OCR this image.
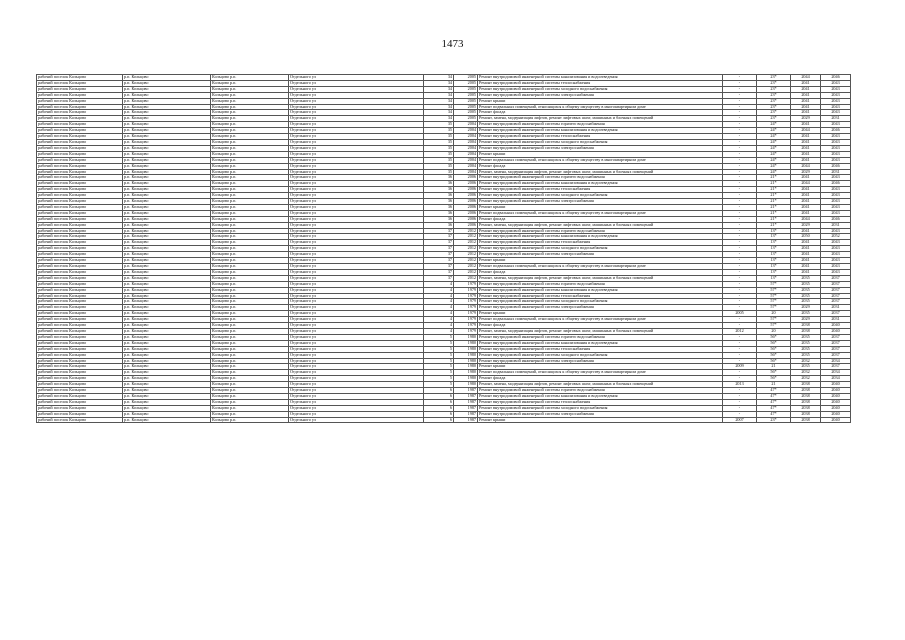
1473
рабочий поселок Кольцово	р.п. Кольцово	Кольцово р.п.	Отдельного ул	34	2005	Ремонт внутридомовой инженерной системы канализования и водоотведения	-	23*	2044	2046
рабочий поселок Кольцово	р.п. Кольцово	Кольцово р.п.	Отдельного ул	34	2005	Ремонт внутридомовой инженерной системы теплоснабжения	-	23*	2041	2043
рабочий поселок Кольцово	р.п. Кольцово	Кольцово р.п.	Отдельного ул	34	2005	Ремонт внутридомовой инженерной системы холодного водоснабжения	-	23*	2041	2043
рабочий поселок Кольцово	р.п. Кольцово	Кольцово р.п.	Отдельного ул	34	2005	Ремонт внутридомовой инженерной системы электроснабжения	-	23*	2041	2043
рабочий поселок Кольцово	р.п. Кольцово	Кольцово р.п.	Отдельного ул	34	2005	Ремонт крыши	-	23*	2041	2043
рабочий поселок Кольцово	р.п. Кольцово	Кольцово р.п.	Отдельного ул	34	2005	Ремонт подвальных помещений, относящихся к общему имуществу в многоквартирном доме	-	23*	2041	2043
рабочий поселок Кольцово	р.п. Кольцово	Кольцово р.п.	Отдельного ул	34	2005	Ремонт фасада	-	23*	2041	2043
рабочий поселок Кольцово	р.п. Кольцово	Кольцово р.п.	Отдельного ул	34	2005	Ремонт, замена, модернизация лифтов, ремонт лифтовых шахт, машинных и блочных помещений	-	23*	2029	2031
рабочий поселок Кольцово	р.п. Кольцово	Кольцово р.п.	Отдельного ул	35	2004	Ремонт внутридомовой инженерной системы горячего водоснабжения	-	24*	2041	2043
рабочий поселок Кольцово	р.п. Кольцово	Кольцово р.п.	Отдельного ул	35	2004	Ремонт внутридомовой инженерной системы канализования и водоотведения	-	24*	2044	2046
рабочий поселок Кольцово	р.п. Кольцово	Кольцово р.п.	Отдельного ул	35	2004	Ремонт внутридомовой инженерной системы теплоснабжения	-	24*	2041	2043
рабочий поселок Кольцово	р.п. Кольцово	Кольцово р.п.	Отдельного ул	35	2004	Ремонт внутридомовой инженерной системы холодного водоснабжения	-	24*	2041	2043
рабочий поселок Кольцово	р.п. Кольцово	Кольцово р.п.	Отдельного ул	35	2004	Ремонт внутридомовой инженерной системы электроснабжения	-	24*	2041	2043
рабочий поселок Кольцово	р.п. Кольцово	Кольцово р.п.	Отдельного ул	35	2004	Ремонт крыши	-	24*	2041	2043
рабочий поселок Кольцово	р.п. Кольцово	Кольцово р.п.	Отдельного ул	35	2004	Ремонт подвальных помещений, относящихся к общему имуществу в многоквартирном доме	-	24*	2041	2043
рабочий поселок Кольцово	р.п. Кольцово	Кольцово р.п.	Отдельного ул	35	2004	Ремонт фасада	-	24*	2044	2046
рабочий поселок Кольцово	р.п. Кольцово	Кольцово р.п.	Отдельного ул	35	2004	Ремонт, замена, модернизация лифтов, ремонт лифтовых шахт, машинных и блочных помещений	-	24*	2029	2031
рабочий поселок Кольцово	р.п. Кольцово	Кольцово р.п.	Отдельного ул	36	2006	Ремонт внутридомовой инженерной системы горячего водоснабжения	-	21*	2041	2043
рабочий поселок Кольцово	р.п. Кольцово	Кольцово р.п.	Отдельного ул	36	2006	Ремонт внутридомовой инженерной системы канализования и водоотведения	-	21*	2044	2046
рабочий поселок Кольцово	р.п. Кольцово	Кольцово р.п.	Отдельного ул	36	2006	Ремонт внутридомовой инженерной системы теплоснабжения	-	21*	2041	2043
рабочий поселок Кольцово	р.п. Кольцово	Кольцово р.п.	Отдельного ул	36	2006	Ремонт внутридомовой инженерной системы холодного водоснабжения	-	21*	2041	2043
рабочий поселок Кольцово	р.п. Кольцово	Кольцово р.п.	Отдельного ул	36	2006	Ремонт внутридомовой инженерной системы электроснабжения	-	21*	2041	2043
рабочий поселок Кольцово	р.п. Кольцово	Кольцово р.п.	Отдельного ул	36	2006	Ремонт крыши	-	21*	2041	2043
рабочий поселок Кольцово	р.п. Кольцово	Кольцово р.п.	Отдельного ул	36	2006	Ремонт подвальных помещений, относящихся к общему имуществу в многоквартирном доме	-	21*	2041	2043
рабочий поселок Кольцово	р.п. Кольцово	Кольцово р.п.	Отдельного ул	36	2006	Ремонт фасада	-	21*	2044	2046
рабочий поселок Кольцово	р.п. Кольцово	Кольцово р.п.	Отдельного ул	36	2006	Ремонт, замена, модернизация лифтов, ремонт лифтовых шахт, машинных и блочных помещений	-	21*	2029	2031
рабочий поселок Кольцово	р.п. Кольцово	Кольцово р.п.	Отдельного ул	37	2012	Ремонт внутридомовой инженерной системы горячего водоснабжения	-	13*	2041	2043
рабочий поселок Кольцово	р.п. Кольцово	Кольцово р.п.	Отдельного ул	37	2012	Ремонт внутридомовой инженерной системы канализования и водоотведения	-	13*	2050	2052
рабочий поселок Кольцово	р.п. Кольцово	Кольцово р.п.	Отдельного ул	37	2012	Ремонт внутридомовой инженерной системы теплоснабжения	-	13*	2041	2043
рабочий поселок Кольцово	р.п. Кольцово	Кольцово р.п.	Отдельного ул	37	2012	Ремонт внутридомовой инженерной системы холодного водоснабжения	-	13*	2041	2043
рабочий поселок Кольцово	р.п. Кольцово	Кольцово р.п.	Отдельного ул	37	2012	Ремонт внутридомовой инженерной системы электроснабжения	-	13*	2041	2043
рабочий поселок Кольцово	р.п. Кольцово	Кольцово р.п.	Отдельного ул	37	2012	Ремонт крыши	-	13*	2041	2043
рабочий поселок Кольцово	р.п. Кольцово	Кольцово р.п.	Отдельного ул	37	2012	Ремонт подвальных помещений, относящихся к общему имуществу в многоквартирном доме	-	13*	2041	2043
рабочий поселок Кольцово	р.п. Кольцово	Кольцово р.п.	Отдельного ул	37	2012	Ремонт фасада	-	13*	2041	2043
рабочий поселок Кольцово	р.п. Кольцово	Кольцово р.п.	Отдельного ул	37	2012	Ремонт, замена, модернизация лифтов, ремонт лифтовых шахт, машинных и блочных помещений	-	13*	2035	2037
рабочий поселок Кольцово	р.п. Кольцово	Кольцово р.п.	Отдельного ул	4	1979	Ремонт внутридомовой инженерной системы горячего водоснабжения	-	57*	2035	2037
рабочий поселок Кольцово	р.п. Кольцово	Кольцово р.п.	Отдельного ул	4	1979	Ремонт внутридомовой инженерной системы канализования и водоотведения	-	57*	2035	2037
рабочий поселок Кольцово	р.п. Кольцово	Кольцово р.п.	Отдельного ул	4	1979	Ремонт внутридомовой инженерной системы теплоснабжения	-	57*	2035	2037
рабочий поселок Кольцово	р.п. Кольцово	Кольцово р.п.	Отдельного ул	4	1979	Ремонт внутридомовой инженерной системы холодного водоснабжения	-	57*	2035	2037
рабочий поселок Кольцово	р.п. Кольцово	Кольцово р.п.	Отдельного ул	4	1979	Ремонт внутридомовой инженерной системы электроснабжения	-	57*	2029	2031
рабочий поселок Кольцово	р.п. Кольцово	Кольцово р.п.	Отдельного ул	4	1979	Ремонт крыши	2005	20	2035	2037
рабочий поселок Кольцово	р.п. Кольцово	Кольцово р.п.	Отдельного ул	4	1979	Ремонт подвальных помещений, относящихся к общему имуществу в многоквартирном доме	-	57*	2029	2031
рабочий поселок Кольцово	р.п. Кольцово	Кольцово р.п.	Отдельного ул	4	1979	Ремонт фасада	-	57*	2038	2040
рабочий поселок Кольцово	р.п. Кольцово	Кольцово р.п.	Отдельного ул	4	1979	Ремонт, замена, модернизация лифтов, ремонт лифтовых шахт, машинных и блочных помещений	2012	20	2038	2040
рабочий поселок Кольцово	р.п. Кольцово	Кольцово р.п.	Отдельного ул	5	1980	Ремонт внутридомовой инженерной системы горячего водоснабжения	-	56*	2035	2037
рабочий поселок Кольцово	р.п. Кольцово	Кольцово р.п.	Отдельного ул	5	1980	Ремонт внутридомовой инженерной системы канализования и водоотведения	-	56*	2035	2037
рабочий поселок Кольцово	р.п. Кольцово	Кольцово р.п.	Отдельного ул	5	1980	Ремонт внутридомовой инженерной системы теплоснабжения	-	56*	2035	2037
рабочий поселок Кольцово	р.п. Кольцово	Кольцово р.п.	Отдельного ул	5	1980	Ремонт внутридомовой инженерной системы холодного водоснабжения	-	56*	2035	2037
рабочий поселок Кольцово	р.п. Кольцово	Кольцово р.п.	Отдельного ул	5	1980	Ремонт внутридомовой инженерной системы электроснабжения	-	56*	2032	2034
рабочий поселок Кольцово	р.п. Кольцово	Кольцово р.п.	Отдельного ул	5	1980	Ремонт крыши	2009	21	2035	2037
рабочий поселок Кольцово	р.п. Кольцово	Кольцово р.п.	Отдельного ул	5	1980	Ремонт подвальных помещений, относящихся к общему имуществу в многоквартирном доме	-	56*	2032	2034
рабочий поселок Кольцово	р.п. Кольцово	Кольцово р.п.	Отдельного ул	5	1980	Ремонт фасада	-	56*	2032	2034
рабочий поселок Кольцово	р.п. Кольцово	Кольцово р.п.	Отдельного ул	5	1980	Ремонт, замена, модернизация лифтов, ремонт лифтовых шахт, машинных и блочных помещений	2013	21	2038	2040
рабочий поселок Кольцово	р.п. Кольцово	Кольцово р.п.	Отдельного ул	6	1987	Ремонт внутридомовой инженерной системы горячего водоснабжения	-	47*	2038	2040
рабочий поселок Кольцово	р.п. Кольцово	Кольцово р.п.	Отдельного ул	6	1987	Ремонт внутридомовой инженерной системы канализования и водоотведения	-	47*	2038	2040
рабочий поселок Кольцово	р.п. Кольцово	Кольцово р.п.	Отдельного ул	6	1987	Ремонт внутридомовой инженерной системы теплоснабжения	-	47*	2038	2040
рабочий поселок Кольцово	р.п. Кольцово	Кольцово р.п.	Отдельного ул	6	1987	Ремонт внутридомовой инженерной системы холодного водоснабжения	-	47*	2038	2040
рабочий поселок Кольцово	р.п. Кольцово	Кольцово р.п.	Отдельного ул	6	1987	Ремонт внутридомовой инженерной системы электроснабжения	-	47*	2038	2040
рабочий поселок Кольцово	р.п. Кольцово	Кольцово р.п.	Отдельного ул	6	1987	Ремонт крыши	2007	23*	2038	2040
